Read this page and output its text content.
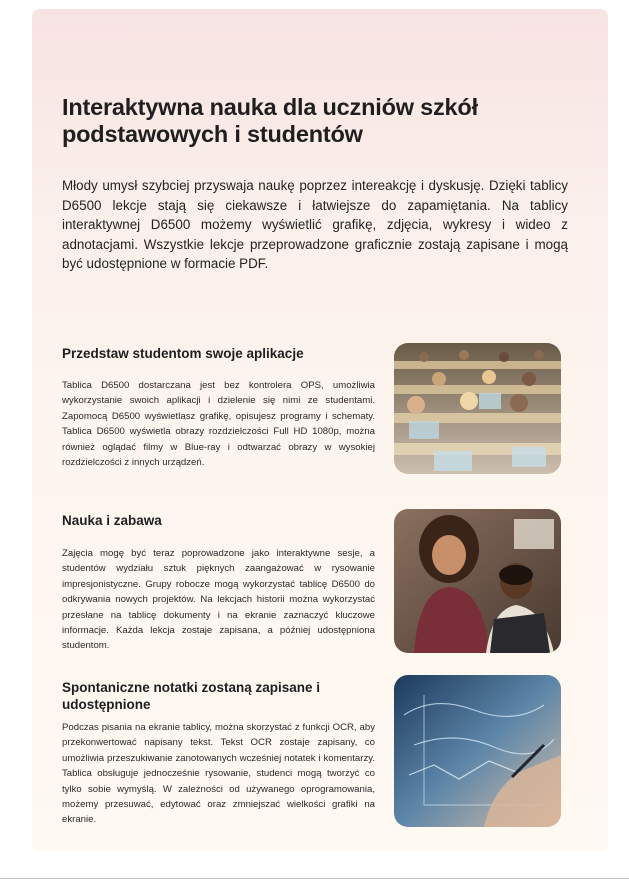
Interaktywna nauka dla uczniów szkół podstawowych i studentów

Młody umysł szybciej przyswaja naukę poprzez intereakcję i dyskusję. Dzięki tablicy D6500 lekcje stają się ciekawsze i łatwiejsze do zapamiętania. Na tablicy interaktywnej D6500 możemy wyświetlić grafikę, zdjęcia, wykresy i wideo z adnotacjami. Wszystkie lekcje przeprowadzone graficznie zostają zapisane i mogą być udostępnione w formacie PDF.

Przedstaw studentom swoje aplikacje

Tablica D6500 dostarczana jest bez kontrolera OPS, umożliwia wykorzystanie swoich aplikacji i dzielenie się nimi ze studentami. Zapomocą D6500 wyświetlasz grafikę, opisujesz programy i schematy. Tablica D6500 wyświetla obrazy rozdzielczości Full HD 1080p, można również oglądać filmy w Blue-ray i odtwarzać obrazy w wysokiej rozdzielczości z innych urządzeń.

Nauka i zabawa

Zajęcia mogę być teraz poprowadzone jako interaktywne sesje, a studentów wydziału sztuk pięknych zaangażować w rysowanie impresjonistyczne. Grupy robocze mogą wykorzystać tablicę D6500 do odkrywania nowych projektów. Na lekcjach historii można wykorzystać przesłane na tablicę dokumenty i na ekranie zaznaczyć kluczowe informacje. Każda lekcja zostaje zapisana, a później udostępniona studentom.

Spontaniczne notatki zostaną zapisane i udostępnione

Podczas pisania na ekranie tablicy, można skorzystać z funkcji OCR, aby przekonwertować napisany tekst. Tekst OCR zostaje zapisany, co umożliwia przeszukiwanie zanotowanych wcześniej notatek i komentarzy. Tablica obsługuje jednocześnie rysowanie, studenci mogą tworzyć co tylko sobie wymyślą. W zależności od używanego oprogramowania, możemy przesuwać, edytować oraz zmniejszać wielkości grafiki na ekranie.
